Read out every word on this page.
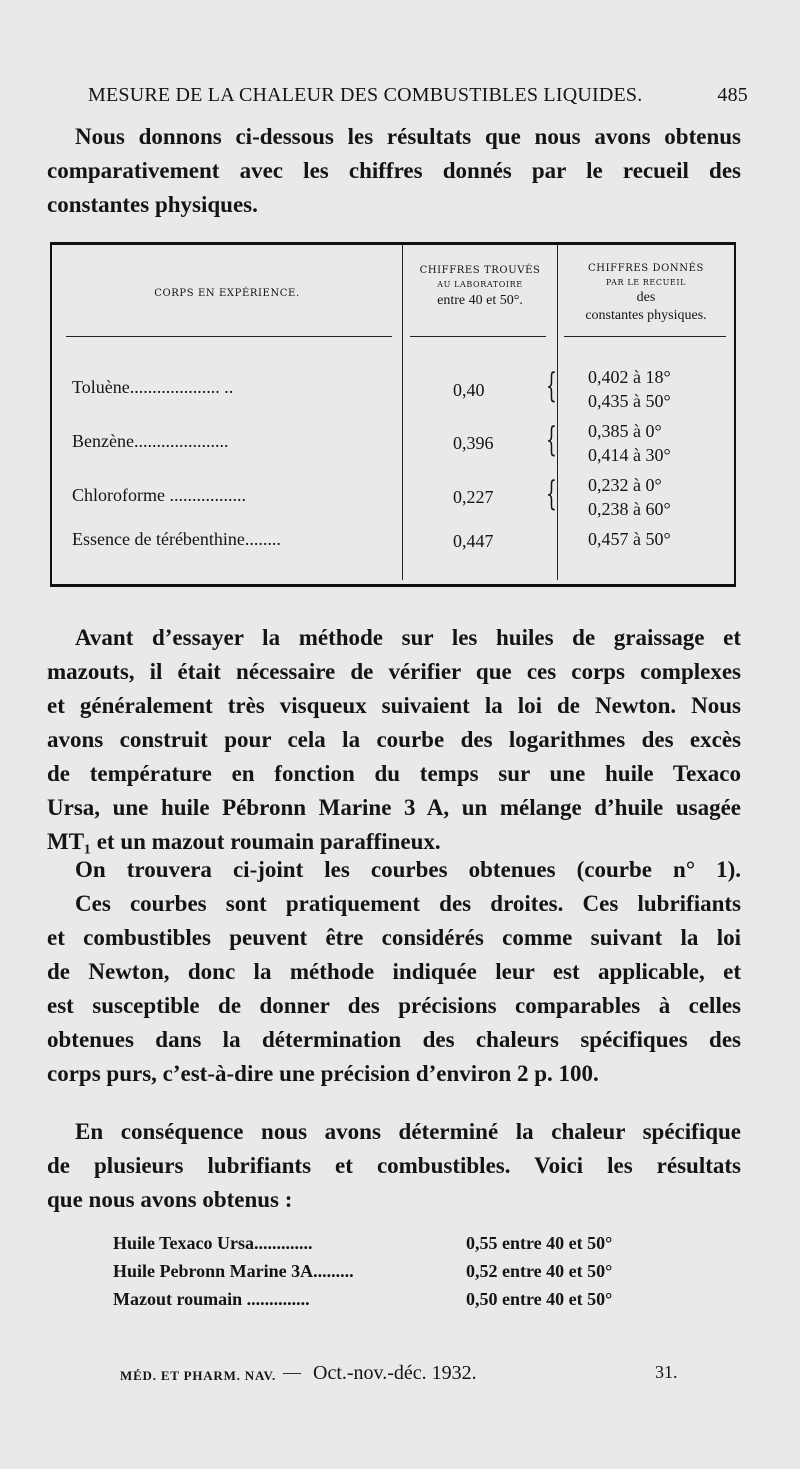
MESURE DE LA CHALEUR DES COMBUSTIBLES LIQUIDES.	485
Nous donnons ci-dessous les résultats que nous avons obtenus
comparativement avec les chiffres donnés par le recueil des
constantes physiques.
CORPS EN EXPÉRIENCE.
CHIFFRES TROUVÉS
AU LABORATOIRE
entre 40 et 50°.
CHIFFRES DONNÉS
PAR LE RECUEIL
des
constantes physiques.
Toluène.................... ..	0,40 { 0,402 à 18°
0,435 à 50°
Benzène.....................	0,396 { 0,385 à 0°
0,414 à 30°
Chloroforme .................	0,227 { 0,232 à 0°
0,238 à 60°
Essence de térébenthine........	0,447	0,457 à 50°
Avant d’essayer la méthode sur les huiles de graissage et
mazouts, il était nécessaire de vérifier que ces corps complexes
et généralement très visqueux suivaient la loi de Newton. Nous
avons construit pour cela la courbe des logarithmes des excès
de température en fonction du temps sur une huile Texaco
Ursa, une huile Pébronn Marine 3 A, un mélange d’huile usagée
MT₁ et un mazout roumain paraffineux.
On trouvera ci-joint les courbes obtenues (courbe n° 1).
Ces courbes sont pratiquement des droites. Ces lubrifiants
et combustibles peuvent être considérés comme suivant la loi
de Newton, donc la méthode indiquée leur est applicable, et
est susceptible de donner des précisions comparables à celles
obtenues dans la détermination des chaleurs spécifiques des
corps purs, c’est-à-dire une précision d’environ 2 p. 100.
En conséquence nous avons déterminé la chaleur spécifique
de plusieurs lubrifiants et combustibles. Voici les résultats
que nous avons obtenus :
Huile Texaco Ursa.............	0,55 entre 40 et 50°
Huile Pebronn Marine 3A.........	0,52 entre 40 et 50°
Mazout roumain ..............	0,50 entre 40 et 50°
MÉD. ET PHARM. NAV. — Oct.-nov.-déc. 1932.	31.
